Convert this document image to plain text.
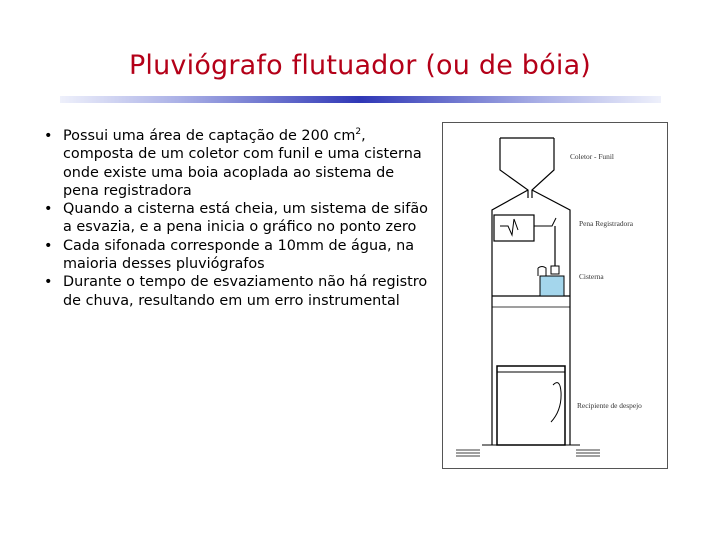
Pluviógrafo flutuador (ou de bóia)
• Possui uma área de captação de 200 $cm^2$, composta de um coletor com funil e uma cisterna onde existe uma boia acoplada ao sistema de pena registradora
• Quando a cisterna está cheia, um sistema de sifão a esvazia, e a pena inicia o gráfico no ponto zero
• Cada sifonada corresponde a 10mm de água, na maioria desses pluviógrafos
• Durante o tempo de esvaziamento não há registro de chuva, resultando em um erro instrumental
Coletor - Funil
Pena Registradora
Cisterna
Recipiente de despejo
